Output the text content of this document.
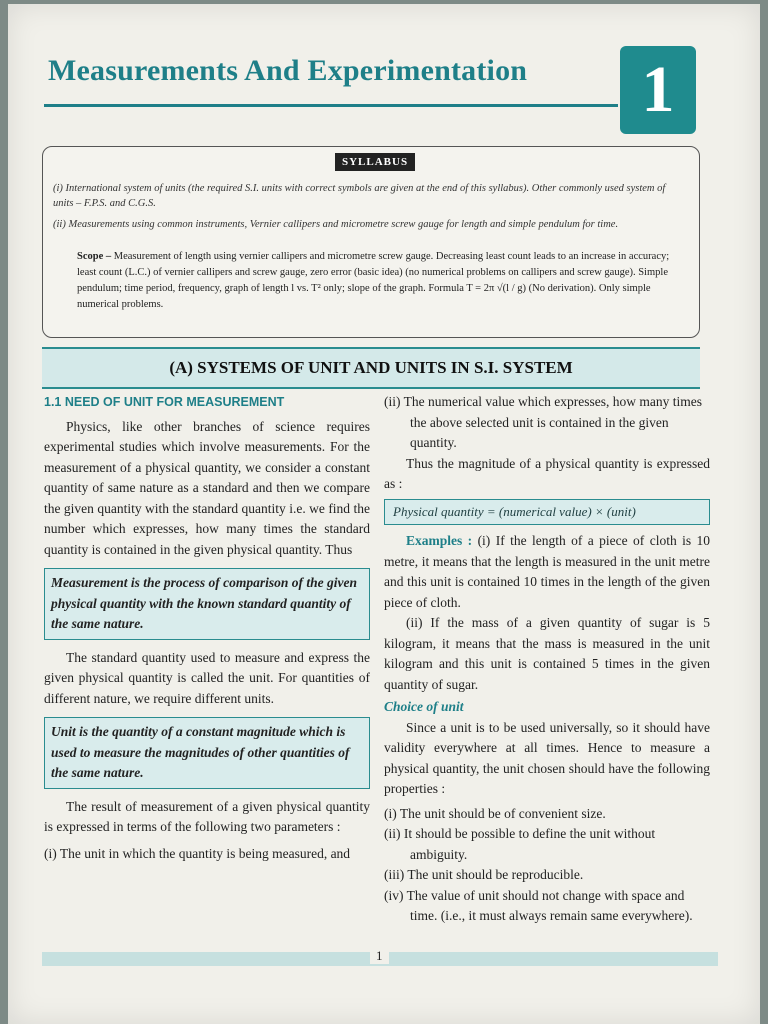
Measurements And Experimentation	1
SYLLABUS
(i) International system of units (the required S.I. units with correct symbols are given at the end of this syllabus). Other commonly used system of units – F.P.S. and C.G.S.
(ii) Measurements using common instruments, Vernier callipers and micrometre screw gauge for length and simple pendulum for time.
Scope – Measurement of length using vernier callipers and micrometre screw gauge. Decreasing least count leads to an increase in accuracy; least count (L.C.) of vernier callipers and screw gauge, zero error (basic idea) (no numerical problems on callipers and screw gauge). Simple pendulum; time period, frequency, graph of length l vs. T² only; slope of the graph. Formula T = 2π √(l / g) (No derivation). Only simple numerical problems.
(A) SYSTEMS OF UNIT AND UNITS IN S.I. SYSTEM
1.1 NEED OF UNIT FOR MEASUREMENT

Physics, like other branches of science requires experimental studies which involve measurements. For the measurement of a physical quantity, we consider a constant quantity of same nature as a standard and then we compare the given quantity with the standard quantity i.e. we find the number which expresses, how many times the standard quantity is contained in the given physical quantity. Thus

Measurement is the process of comparison of the given physical quantity with the known standard quantity of the same nature.

The standard quantity used to measure and express the given physical quantity is called the unit. For quantities of different nature, we require different units.

Unit is the quantity of a constant magnitude which is used to measure the magnitudes of other quantities of the same nature.

The result of measurement of a given physical quantity is expressed in terms of the following two parameters :

(i) The unit in which the quantity is being measured, and

(ii) The numerical value which expresses, how many times the above selected unit is contained in the given quantity.

Thus the magnitude of a physical quantity is expressed as :

Physical quantity = (numerical value) × (unit)

Examples : (i) If the length of a piece of cloth is 10 metre, it means that the length is measured in the unit metre and this unit is contained 10 times in the length of the given piece of cloth.

(ii) If the mass of a given quantity of sugar is 5 kilogram, it means that the mass is measured in the unit kilogram and this unit is contained 5 times in the given quantity of sugar.

Choice of unit

Since a unit is to be used universally, so it should have validity everywhere at all times. Hence to measure a physical quantity, the unit chosen should have the following properties :

(i) The unit should be of convenient size.

(ii) It should be possible to define the unit without ambiguity.

(iii) The unit should be reproducible.

(iv) The value of unit should not change with space and time. (i.e., it must always remain same everywhere).

1
